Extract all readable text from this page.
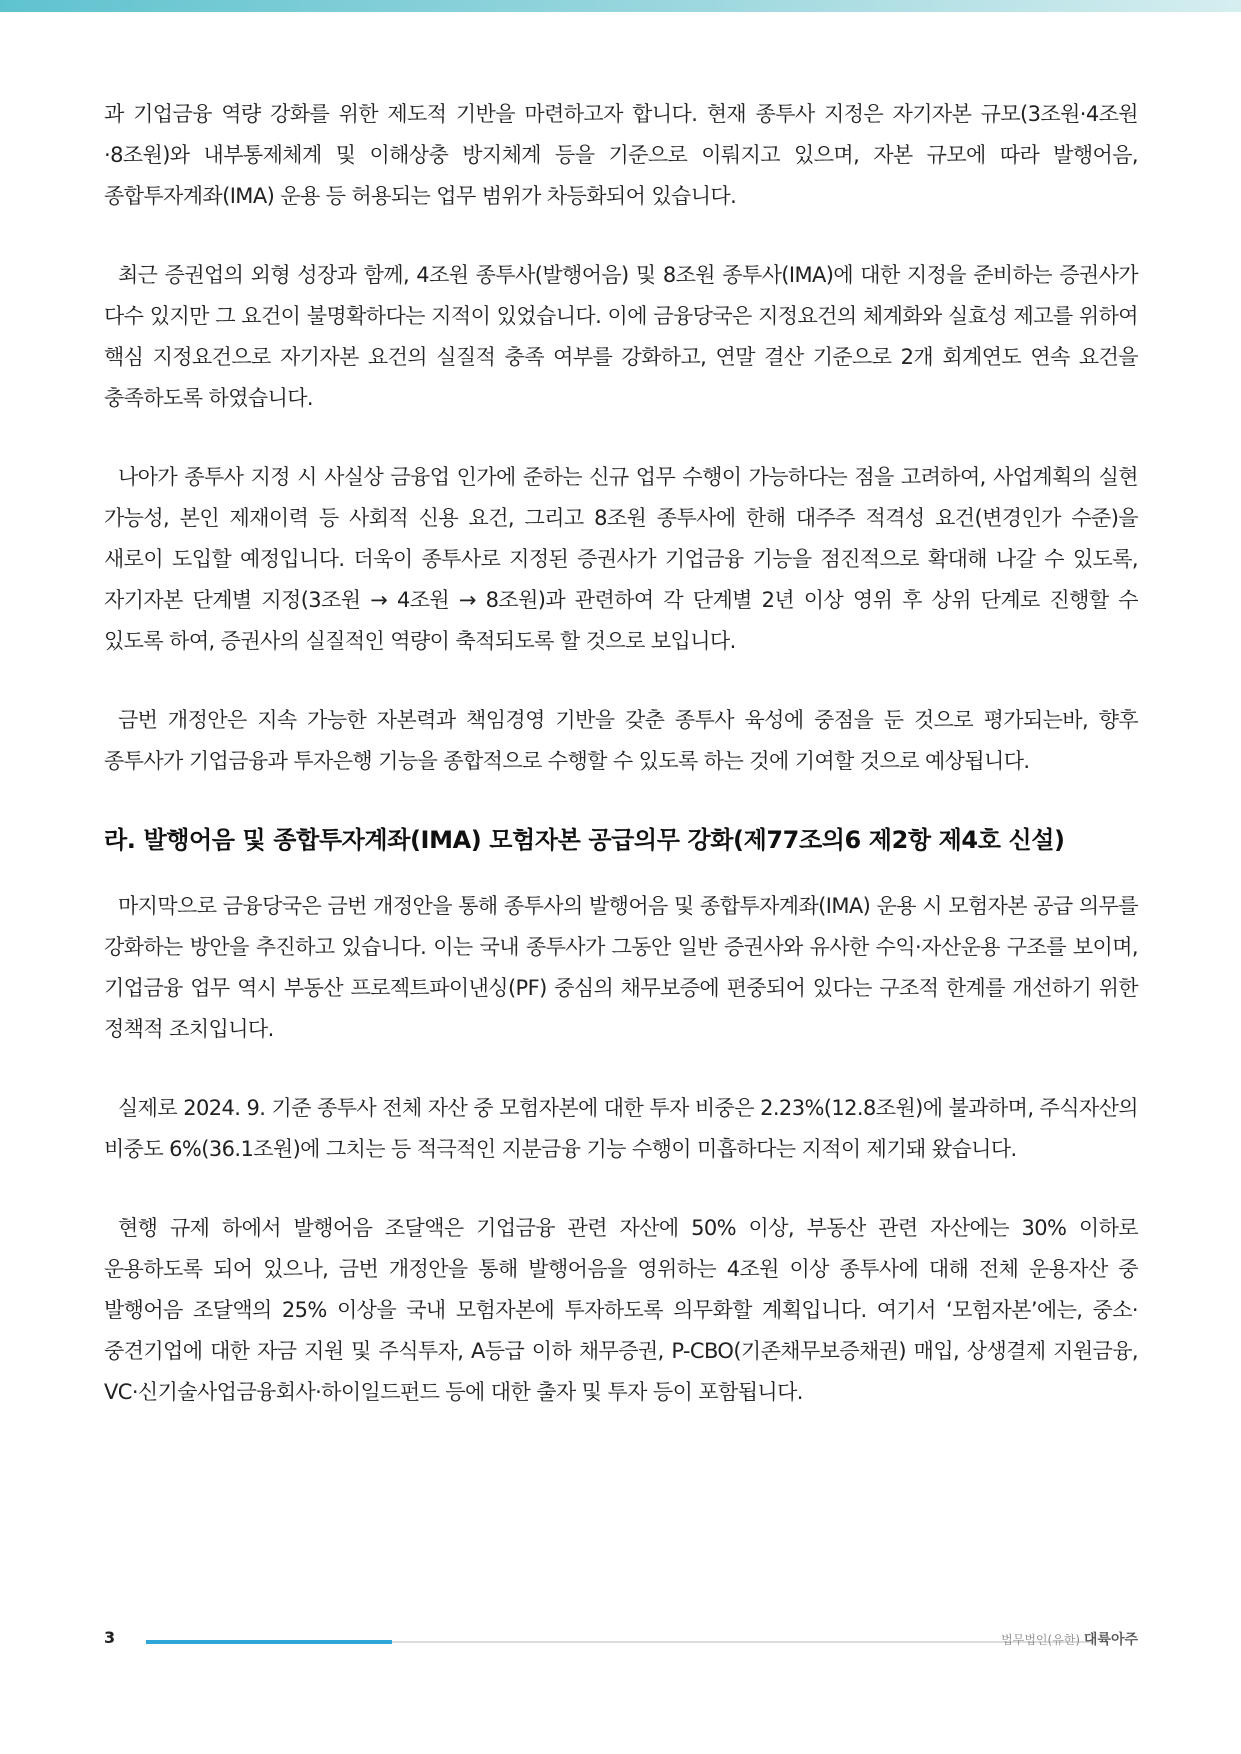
과 기업금융 역량 강화를 위한 제도적 기반을 마련하고자 합니다. 현재 종투사 지정은 자기자본 규모(3조원·4조원·8조원)와 내부통제체계 및 이해상충 방지체계 등을 기준으로 이뤄지고 있으며, 자본 규모에 따라 발행어음, 종합투자계좌(IMA) 운용 등 허용되는 업무 범위가 차등화되어 있습니다.

최근 증권업의 외형 성장과 함께, 4조원 종투사(발행어음) 및 8조원 종투사(IMA)에 대한 지정을 준비하는 증권사가 다수 있지만 그 요건이 불명확하다는 지적이 있었습니다. 이에 금융당국은 지정요건의 체계화와 실효성 제고를 위하여 핵심 지정요건으로 자기자본 요건의 실질적 충족 여부를 강화하고, 연말 결산 기준으로 2개 회계연도 연속 요건을 충족하도록 하였습니다.

나아가 종투사 지정 시 사실상 금융업 인가에 준하는 신규 업무 수행이 가능하다는 점을 고려하여, 사업계획의 실현 가능성, 본인 제재이력 등 사회적 신용 요건, 그리고 8조원 종투사에 한해 대주주 적격성 요건(변경인가 수준)을 새로이 도입할 예정입니다. 더욱이 종투사로 지정된 증권사가 기업금융 기능을 점진적으로 확대해 나갈 수 있도록, 자기자본 단계별 지정(3조원 → 4조원 → 8조원)과 관련하여 각 단계별 2년 이상 영위 후 상위 단계로 진행할 수 있도록 하여, 증권사의 실질적인 역량이 축적되도록 할 것으로 보입니다.

금번 개정안은 지속 가능한 자본력과 책임경영 기반을 갖춘 종투사 육성에 중점을 둔 것으로 평가되는바, 향후 종투사가 기업금융과 투자은행 기능을 종합적으로 수행할 수 있도록 하는 것에 기여할 것으로 예상됩니다.

라. 발행어음 및 종합투자계좌(IMA) 모험자본 공급의무 강화(제77조의6 제2항 제4호 신설)

마지막으로 금융당국은 금번 개정안을 통해 종투사의 발행어음 및 종합투자계좌(IMA) 운용 시 모험자본 공급 의무를 강화하는 방안을 추진하고 있습니다. 이는 국내 종투사가 그동안 일반 증권사와 유사한 수익·자산운용 구조를 보이며, 기업금융 업무 역시 부동산 프로젝트파이낸싱(PF) 중심의 채무보증에 편중되어 있다는 구조적 한계를 개선하기 위한 정책적 조치입니다.

실제로 2024. 9. 기준 종투사 전체 자산 중 모험자본에 대한 투자 비중은 2.23%(12.8조원)에 불과하며, 주식자산의 비중도 6%(36.1조원)에 그치는 등 적극적인 지분금융 기능 수행이 미흡하다는 지적이 제기돼 왔습니다.

현행 규제 하에서 발행어음 조달액은 기업금융 관련 자산에 50% 이상, 부동산 관련 자산에는 30% 이하로 운용하도록 되어 있으나, 금번 개정안을 통해 발행어음을 영위하는 4조원 이상 종투사에 대해 전체 운용자산 중 발행어음 조달액의 25% 이상을 국내 모험자본에 투자하도록 의무화할 계획입니다. 여기서 ‘모험자본’에는, 중소·중견기업에 대한 자금 지원 및 주식투자, A등급 이하 채무증권, P-CBO(기존채무보증채권) 매입, 상생결제 지원금융, VC·신기술사업금융회사·하이일드펀드 등에 대한 출자 및 투자 등이 포함됩니다.

3	법무법인(유한) 대륙아주
